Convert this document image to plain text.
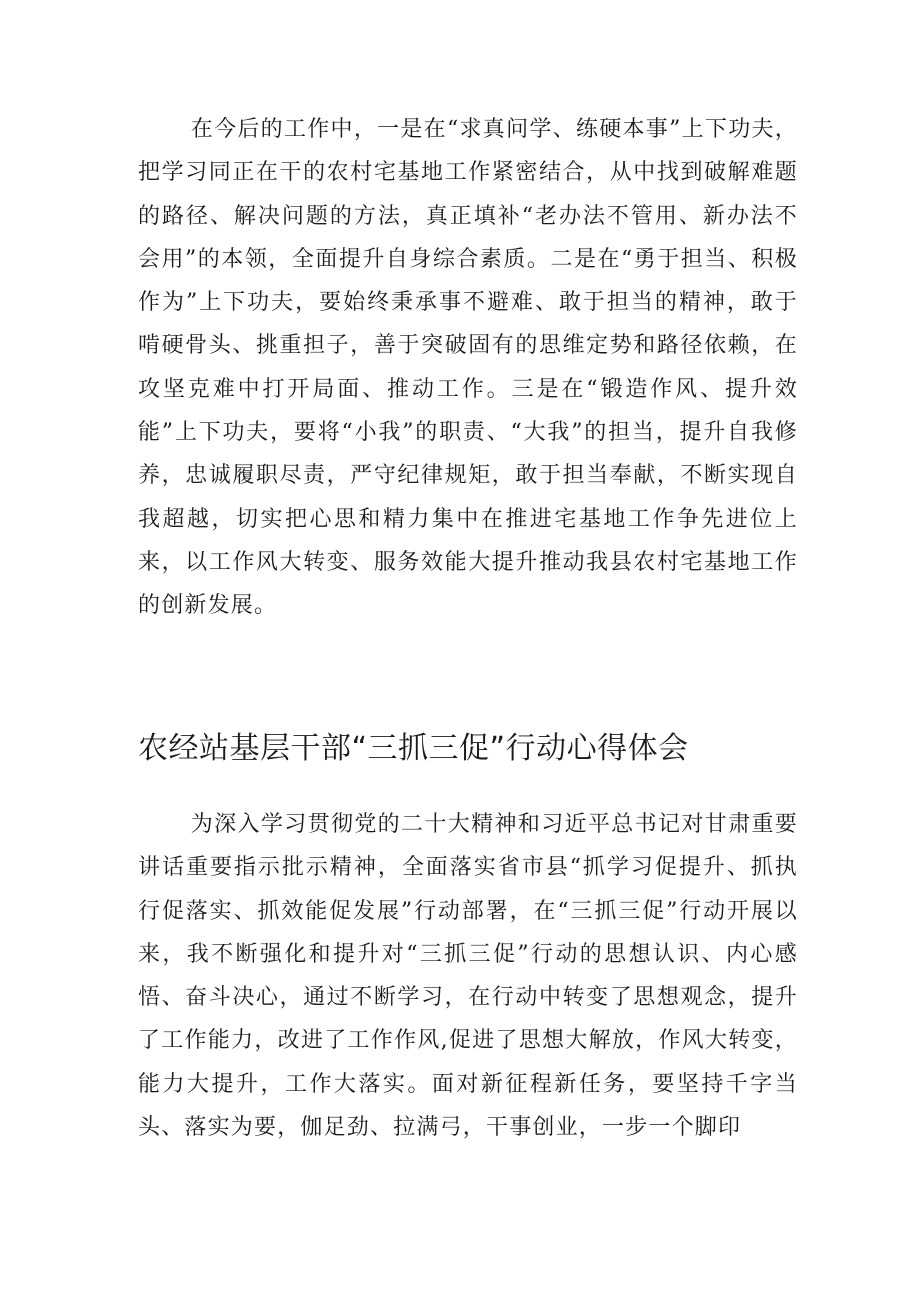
在今后的工作中，一是在“求真问学、练硬本事”上下功夫，把学习同正在干的农村宅基地工作紧密结合，从中找到破解难题的路径、解决问题的方法，真正填补“老办法不管用、新办法不会用”的本领，全面提升自身综合素质。二是在“勇于担当、积极作为”上下功夫，要始终秉承事不避难、敢于担当的精神，敢于啃硬骨头、挑重担子，善于突破固有的思维定势和路径依赖，在攻坚克难中打开局面、推动工作。三是在“锻造作风、提升效能”上下功夫，要将“小我”的职责、“大我”的担当，提升自我修养，忠诚履职尽责，严守纪律规矩，敢于担当奉献，不断实现自我超越，切实把心思和精力集中在推进宅基地工作争先进位上来，以工作风大转变、服务效能大提升推动我县农村宅基地工作的创新发展。

农经站基层干部“三抓三促”行动心得体会

为深入学习贯彻党的二十大精神和习近平总书记对甘肃重要讲话重要指示批示精神，全面落实省市县“抓学习促提升、抓执行促落实、抓效能促发展”行动部署，在“三抓三促”行动开展以来，我不断强化和提升对“三抓三促”行动的思想认识、内心感悟、奋斗决心，通过不断学习，在行动中转变了思想观念，提升了工作能力，改进了工作作风,促进了思想大解放，作风大转变，能力大提升，工作大落实。面对新征程新任务，要坚持千字当头、落实为要，伽足劲、拉满弓，干事创业，一步一个脚印
